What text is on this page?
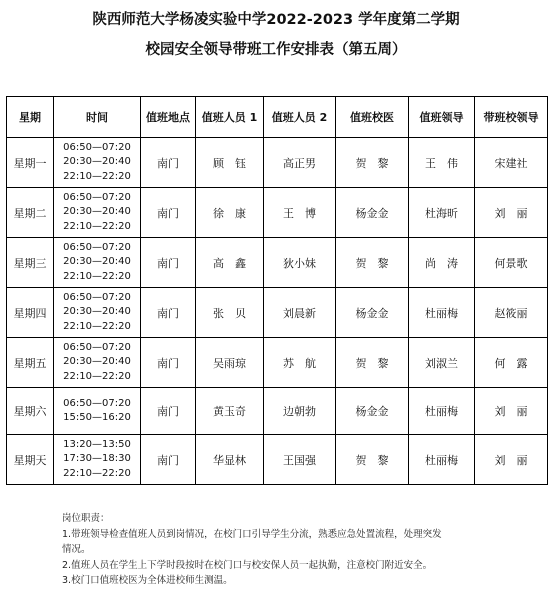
陕西师范大学杨凌实验中学2022-2023 学年度第二学期
校园安全领导带班工作安排表（第五周）
星期	时间	值班地点	值班人员 1	值班人员 2	值班校医	值班领导	带班校领导
星期一	06:50—07:20
20:30—20:40
22:10—22:20	南门	顾　钰	高正男	贺　黎	王　伟	宋建社
星期二	06:50—07:20
20:30—20:40
22:10—22:20	南门	徐　康	王　博	杨金金	杜海昕	刘　丽
星期三	06:50—07:20
20:30—20:40
22:10—22:20	南门	高　鑫	狄小妹	贺　黎	尚　涛	何景歌
星期四	06:50—07:20
20:30—20:40
22:10—22:20	南门	张　贝	刘晨新	杨金金	杜丽梅	赵筱丽
星期五	06:50—07:20
20:30—20:40
22:10—22:20	南门	吴雨琼	苏　航	贺　黎	刘淑兰	何　露
星期六	06:50—07:20
15:50—16:20	南门	黄玉奇	边朝勃	杨金金	杜丽梅	刘　丽
星期天	13:20—13:50
17:30—18:30
22:10—22:20	南门	华显林	王国强	贺　黎	杜丽梅	刘　丽
岗位职责：
1.带班领导检查值班人员到岗情况，在校门口引导学生分流，熟悉应急处置流程，处理突发
情况。
2.值班人员在学生上下学时段按时在校门口与校安保人员一起执勤，注意校门附近安全。
3.校门口值班校医为全体进校师生测温。
